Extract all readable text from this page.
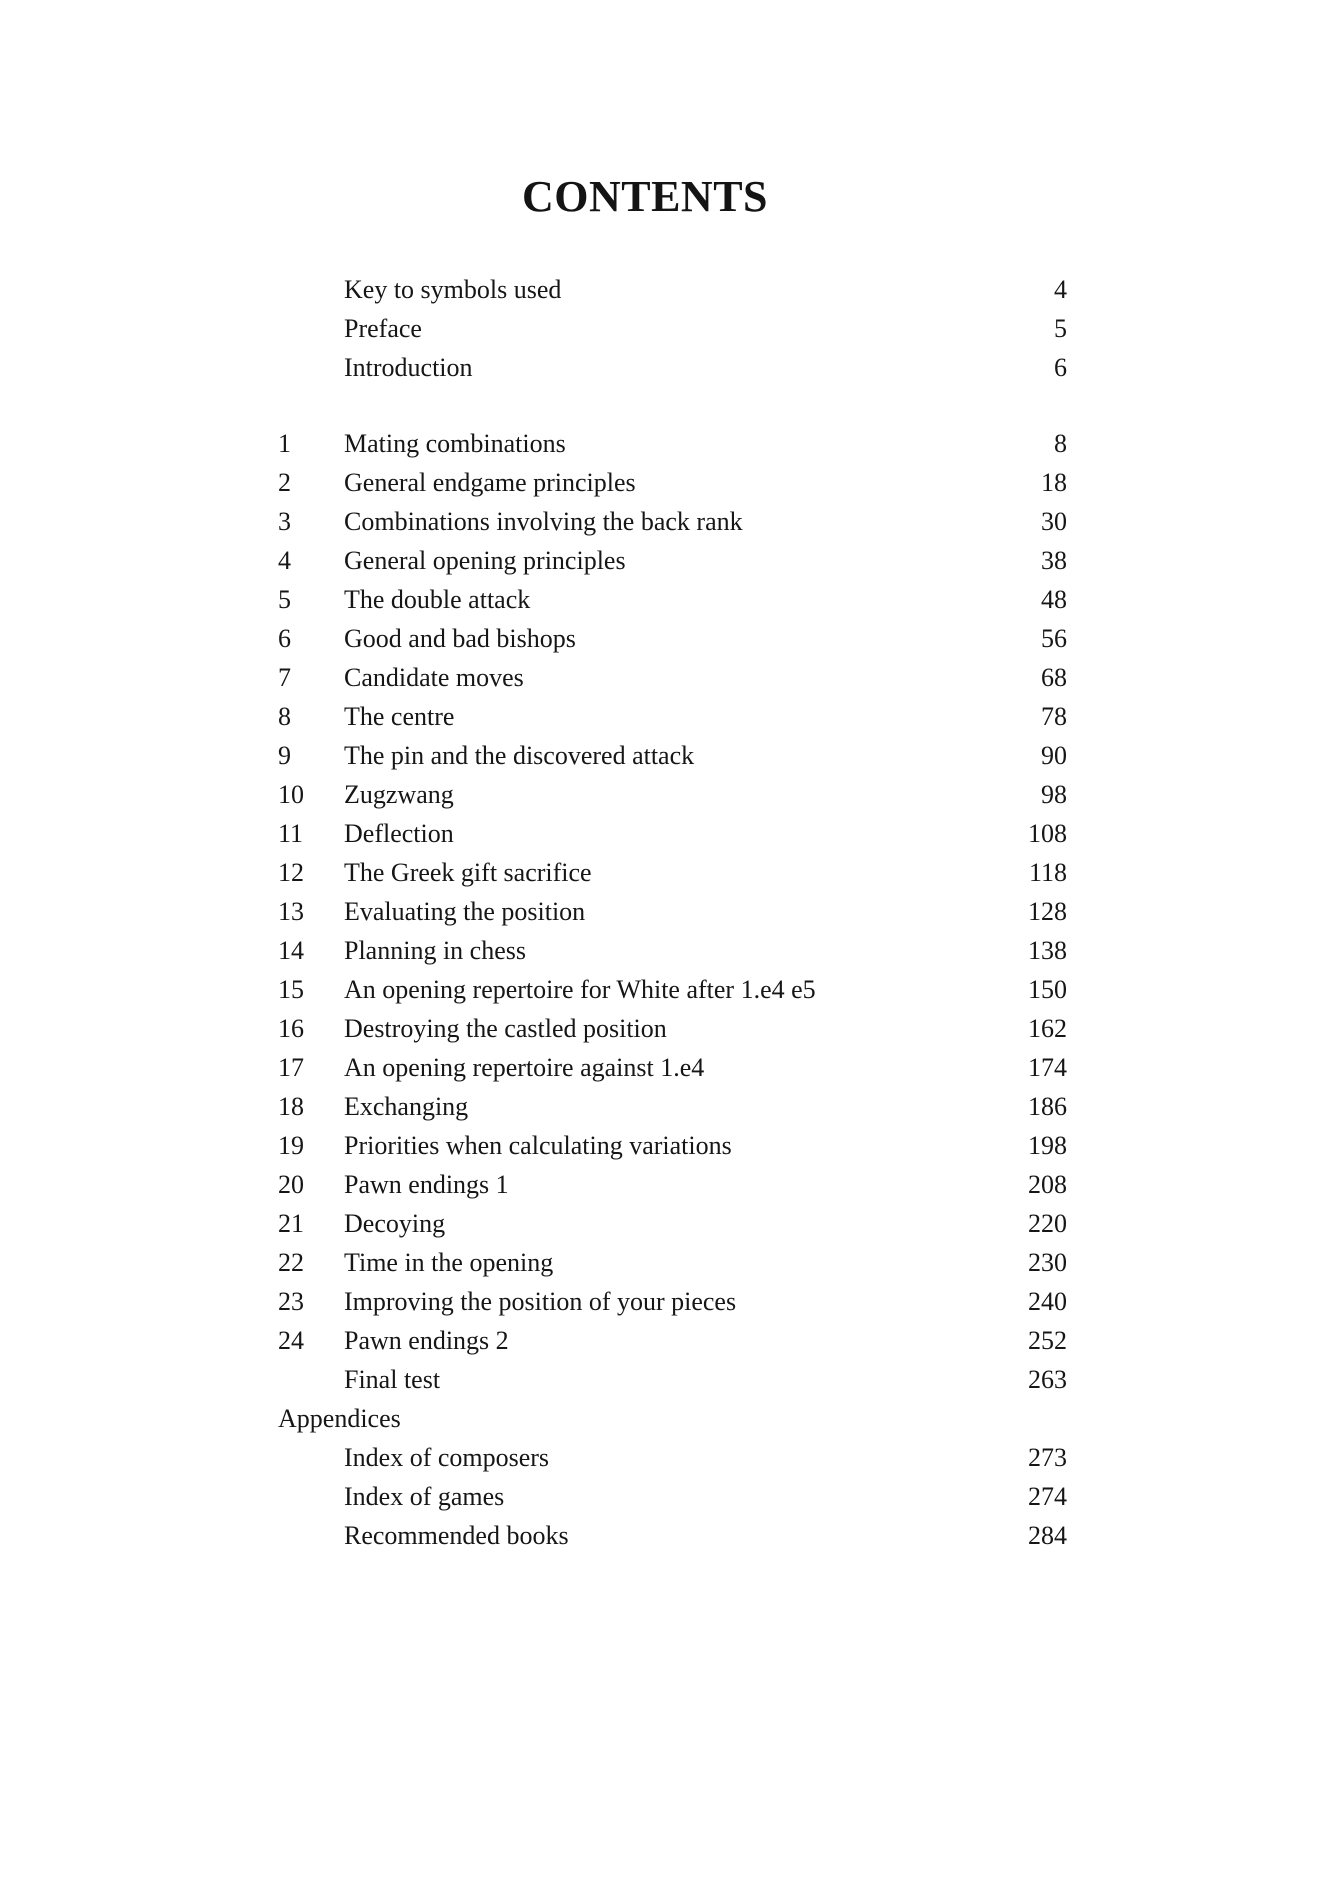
CONTENTS
Key to symbols used	4
Preface	5
Introduction	6
1	Mating combinations	8
2	General endgame principles	18
3	Combinations involving the back rank	30
4	General opening principles	38
5	The double attack	48
6	Good and bad bishops	56
7	Candidate moves	68
8	The centre	78
9	The pin and the discovered attack	90
10	Zugzwang	98
11	Deflection	108
12	The Greek gift sacrifice	118
13	Evaluating the position	128
14	Planning in chess	138
15	An opening repertoire for White after 1.e4 e5	150
16	Destroying the castled position	162
17	An opening repertoire against 1.e4	174
18	Exchanging	186
19	Priorities when calculating variations	198
20	Pawn endings 1	208
21	Decoying	220
22	Time in the opening	230
23	Improving the position of your pieces	240
24	Pawn endings 2	252
Final test	263
Appendices
Index of composers	273
Index of games	274
Recommended books	284
